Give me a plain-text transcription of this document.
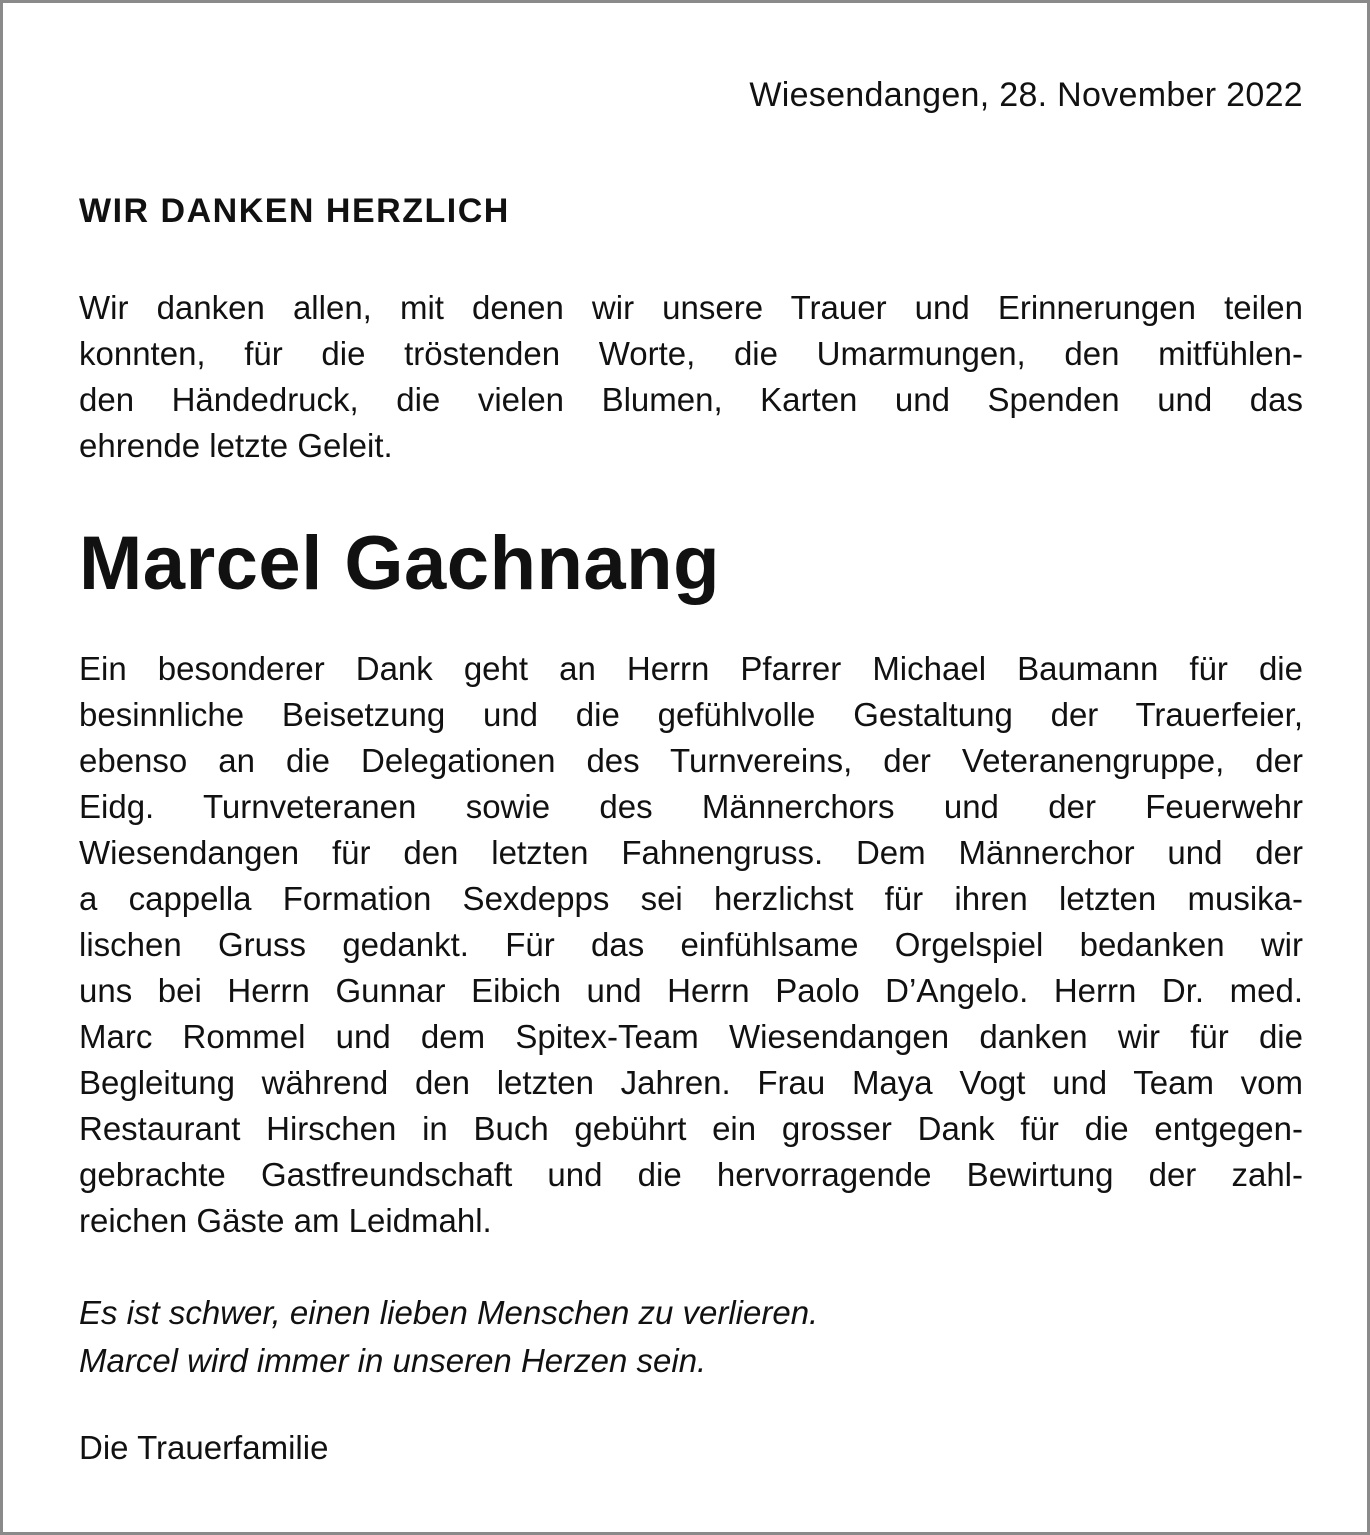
Wiesendangen, 28. November 2022
WIR DANKEN HERZLICH
Wir danken allen, mit denen wir unsere Trauer und Erinnerungen teilen
konnten, für die tröstenden Worte, die Umarmungen, den mitfühlen-
den Händedruck, die vielen Blumen, Karten und Spenden und das
ehrende letzte Geleit.
Marcel Gachnang
Ein besonderer Dank geht an Herrn Pfarrer Michael Baumann für die
besinnliche Beisetzung und die gefühlvolle Gestaltung der Trauerfeier,
ebenso an die Delegationen des Turnvereins, der Veteranengruppe, der
Eidg. Turnveteranen sowie des Männerchors und der Feuerwehr
Wiesendangen für den letzten Fahnengruss. Dem Männerchor und der
a cappella Formation Sexdepps sei herzlichst für ihren letzten musika-
lischen Gruss gedankt. Für das einfühlsame Orgelspiel bedanken wir
uns bei Herrn Gunnar Eibich und Herrn Paolo D’Angelo. Herrn Dr. med.
Marc Rommel und dem Spitex-Team Wiesendangen danken wir für die
Begleitung während den letzten Jahren. Frau Maya Vogt und Team vom
Restaurant Hirschen in Buch gebührt ein grosser Dank für die entgegen-
gebrachte Gastfreundschaft und die hervorragende Bewirtung der zahl-
reichen Gäste am Leidmahl.
Es ist schwer, einen lieben Menschen zu verlieren.
Marcel wird immer in unseren Herzen sein.
Die Trauerfamilie
